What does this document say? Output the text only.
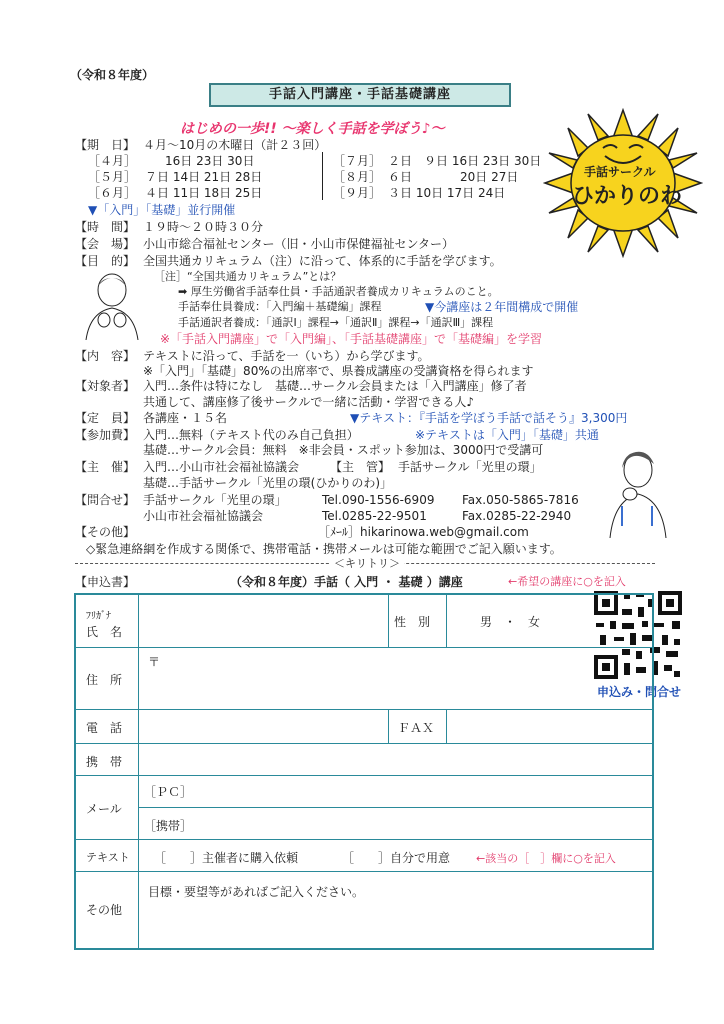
（令和８年度）
手話入門講座・手話基礎講座
はじめの一歩!! ～楽しく手話を学ぼう♪～
手話サークル
ひかりのわ
【期　日】 ４月～10月の木曜日（計２３回）
［４月］ 16日 23日 30日
［５月］ ７日 14日 21日 28日
［６月］ ４日 11日 18日 25日
［７月］ ２日　９日 16日 23日 30日
［８月］ ６日　　　　20日 27日
［９月］ ３日 10日 17日 24日
▼「入門」「基礎」並行開催
【時　間】 １９時～２０時３０分
【会　場】 小山市総合福祉センター（旧・小山市保健福祉センター）
【目　的】 全国共通カリキュラム（注）に沿って、体系的に手話を学びます。
［注］“全国共通カリキュラム”とは？
➡ 厚生労働省手話奉仕員・手話通訳者養成カリキュラムのこと。
手話奉仕員養成：「入門編＋基礎編」課程	▼今講座は２年間構成で開催
手話通訳者養成：「通訳Ⅰ」課程→「通訳Ⅱ」課程→「通訳Ⅲ」課程
※「手話入門講座」で「入門編」、「手話基礎講座」で「基礎編」を学習
【内　容】 テキストに沿って、手話を一（いち）から学びます。
※「入門」「基礎」80%の出席率で、県養成講座の受講資格を得られます
【対象者】 入門…条件は特になし　基礎…サークル会員または「入門講座」修了者
共通して、講座修了後サークルで一緒に活動・学習できる人♪
【定　員】 各講座・１５名	▼テキスト：『手話を学ぼう手話で話そう』3,300円
【参加費】 入門…無料（テキスト代のみ自己負担）	※テキストは「入門」「基礎」共通
基礎…サークル会員：無料　※非会員・スポット参加は、3000円で受講可
【主　催】 入門…小山市社会福祉協議会	【主　管】 手話サークル「光里の環」
基礎…手話サークル「光里の環(ひかりのわ)」
【問合せ】 手話サークル「光里の環」	Tel.090-1556-6909 Fax.050-5865-7816
小山市社会福祉協議会	Tel.0285-22-9501	Fax.0285-22-2940
［ﾒｰﾙ］hikarinowa.web@gmail.com
【その他】
◇緊急連絡網を作成する関係で、携帯電話・携帯メールは可能な範囲でご記入願います。
＜キリトリ＞
【申込書】	（令和８年度）手話（ 入門 ・ 基礎 ）講座	←希望の講座に○を記入
申込み・問合せ
ﾌﾘｶﾞﾅ
氏　名
性　別	男　・　女
住　所
〒
電　話	ＦＡＸ
携　帯
メール
［ＰＣ］
［携帯］
テキスト ［　　］主催者に購入依頼	［　　］自分で用意 ←該当の［　］欄に○を記入
その他
目標・要望等があればご記入ください。
